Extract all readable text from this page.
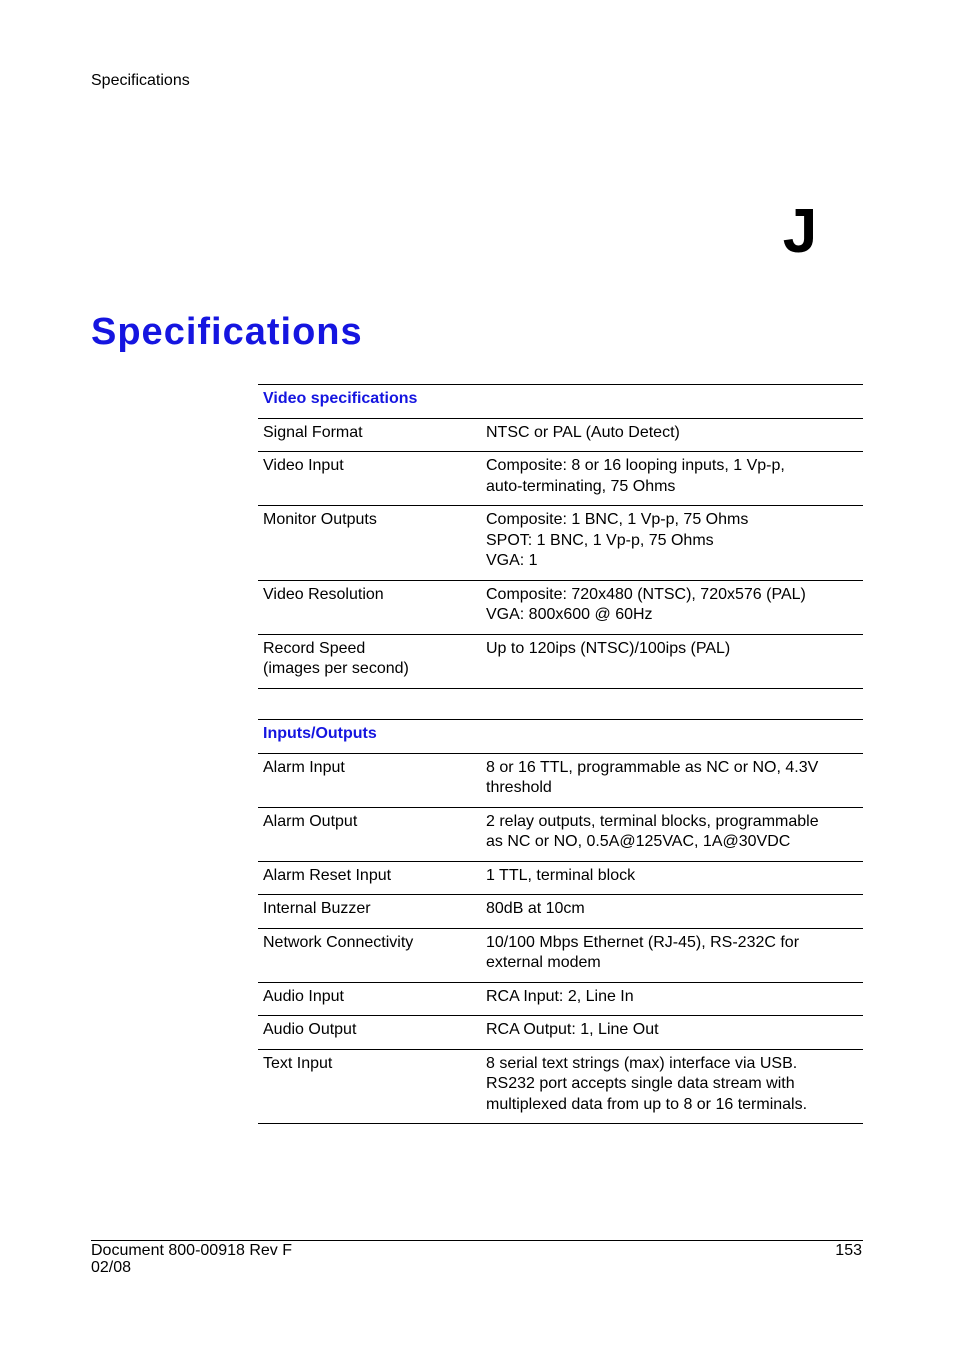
Specifications
J
Specifications
Video specifications	

Signal Format	NTSC or PAL (Auto Detect)

Video Input	Composite: 8 or 16 looping inputs, 1 Vp-p,
auto-terminating, 75 Ohms

Monitor Outputs	Composite: 1 BNC, 1 Vp-p, 75 Ohms
SPOT: 1 BNC, 1 Vp-p, 75 Ohms
VGA: 1

Video Resolution	Composite: 720x480 (NTSC), 720x576 (PAL)
VGA: 800x600 @ 60Hz

Record Speed
(images per second)	Up to 120ips (NTSC)/100ips (PAL)
Inputs/Outputs	

Alarm Input	8 or 16 TTL, programmable as NC or NO, 4.3V
threshold

Alarm Output	2 relay outputs, terminal blocks, programmable
as NC or NO, 0.5A@125VAC, 1A@30VDC

Alarm Reset Input	1 TTL, terminal block

Internal Buzzer	80dB at 10cm

Network Connectivity	10/100 Mbps Ethernet (RJ-45), RS-232C for
external modem

Audio Input	RCA Input: 2, Line In

Audio Output	RCA Output: 1, Line Out

Text Input	8 serial text strings (max) interface via USB.
RS232 port accepts single data stream with
multiplexed data from up to 8 or 16 terminals.
Document 800-00918 Rev F
02/08
153
